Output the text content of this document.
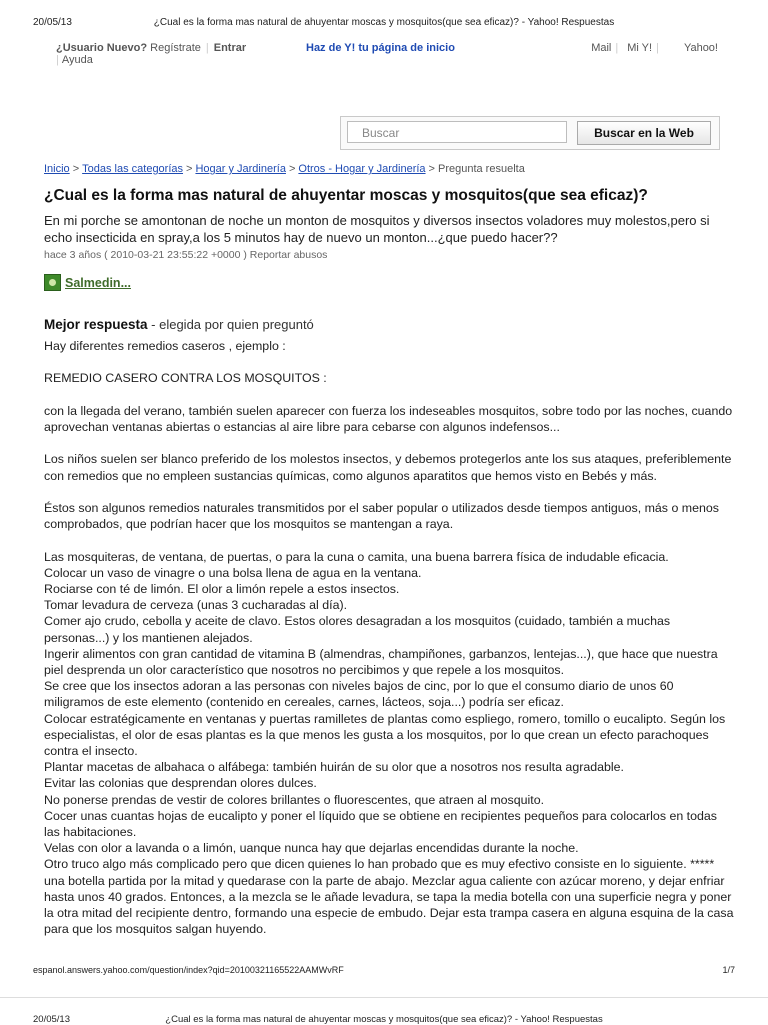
20/05/13	¿Cual es la forma mas natural de ahuyentar moscas y mosquitos(que sea eficaz)? - Yahoo! Respuestas
¿Usuario Nuevo? Regístrate | Entrar
| Ayuda
Haz de Y! tu página de inicio	Mail | Mi Y! | Yahoo!
Buscar	Buscar en la Web
Inicio > Todas las categorías > Hogar y Jardinería > Otros - Hogar y Jardinería > Pregunta resuelta
¿Cual es la forma mas natural de ahuyentar moscas y mosquitos(que sea eficaz)?
En mi porche se amontonan de noche un monton de mosquitos y diversos insectos voladores muy molestos,pero si echo insecticida en spray,a los 5 minutos hay de nuevo un monton...¿que puedo hacer??
hace 3 años ( 2010-03-21 23:55:22 +0000 ) Reportar abusos
Salmedin...
Mejor respuesta - elegida por quien preguntó

Hay diferentes remedios caseros , ejemplo :

REMEDIO CASERO CONTRA LOS MOSQUITOS :

con la llegada del verano, también suelen aparecer con fuerza los indeseables mosquitos, sobre todo por las noches, cuando aprovechan ventanas abiertas o estancias al aire libre para cebarse con algunos indefensos...

Los niños suelen ser blanco preferido de los molestos insectos, y debemos protegerlos ante los sus ataques, preferiblemente con remedios que no empleen sustancias químicas, como algunos aparatitos que hemos visto en Bebés y más.

Éstos son algunos remedios naturales transmitidos por el saber popular o utilizados desde tiempos antiguos, más o menos comprobados, que podrían hacer que los mosquitos se mantengan a raya.

Las mosquiteras, de ventana, de puertas, o para la cuna o camita, una buena barrera física de indudable eficacia.

Colocar un vaso de vinagre o una bolsa llena de agua en la ventana.

Rociarse con té de limón. El olor a limón repele a estos insectos.

Tomar levadura de cerveza (unas 3 cucharadas al día).

Comer ajo crudo, cebolla y aceite de clavo. Estos olores desagradan a los mosquitos (cuidado, también a muchas personas...) y los mantienen alejados.

Ingerir alimentos con gran cantidad de vitamina B (almendras, champiñones, garbanzos, lentejas...), que hace que nuestra piel desprenda un olor característico que nosotros no percibimos y que repele a los mosquitos.

Se cree que los insectos adoran a las personas con niveles bajos de cinc, por lo que el consumo diario de unos 60 miligramos de este elemento (contenido en cereales, carnes, lácteos, soja...) podría ser eficaz.

Colocar estratégicamente en ventanas y puertas ramilletes de plantas como espliego, romero, tomillo o eucalipto. Según los especialistas, el olor de esas plantas es la que menos les gusta a los mosquitos, por lo que crean un efecto parachoques contra el insecto.

Plantar macetas de albahaca o alfábega: también huirán de su olor que a nosotros nos resulta agradable.

Evitar las colonias que desprendan olores dulces.

No ponerse prendas de vestir de colores brillantes o fluorescentes, que atraen al mosquito.

Cocer unas cuantas hojas de eucalipto y poner el líquido que se obtiene en recipientes pequeños para colocarlos en todas las habitaciones.

Velas con olor a lavanda o a limón, uanque nunca hay que dejarlas encendidas durante la noche.

Otro truco algo más complicado pero que dicen quienes lo han probado que es muy efectivo consiste en lo siguiente. ***** una botella partida por la mitad y quedarase con la parte de abajo. Mezclar agua caliente con azúcar moreno, y dejar enfriar hasta unos 40 grados. Entonces, a la mezcla se le añade levadura, se tapa la media botella con una superficie negra y poner la otra mitad del recipiente dentro, formando una especie de embudo. Dejar esta trampa casera en alguna esquina de la casa para que los mosquitos salgan huyendo.

espanol.answers.yahoo.com/question/index?qid=20100321165522AAMWvRF	1/7
20/05/13	¿Cual es la forma mas natural de ahuyentar moscas y mosquitos(que sea eficaz)? - Yahoo! Respuestas
